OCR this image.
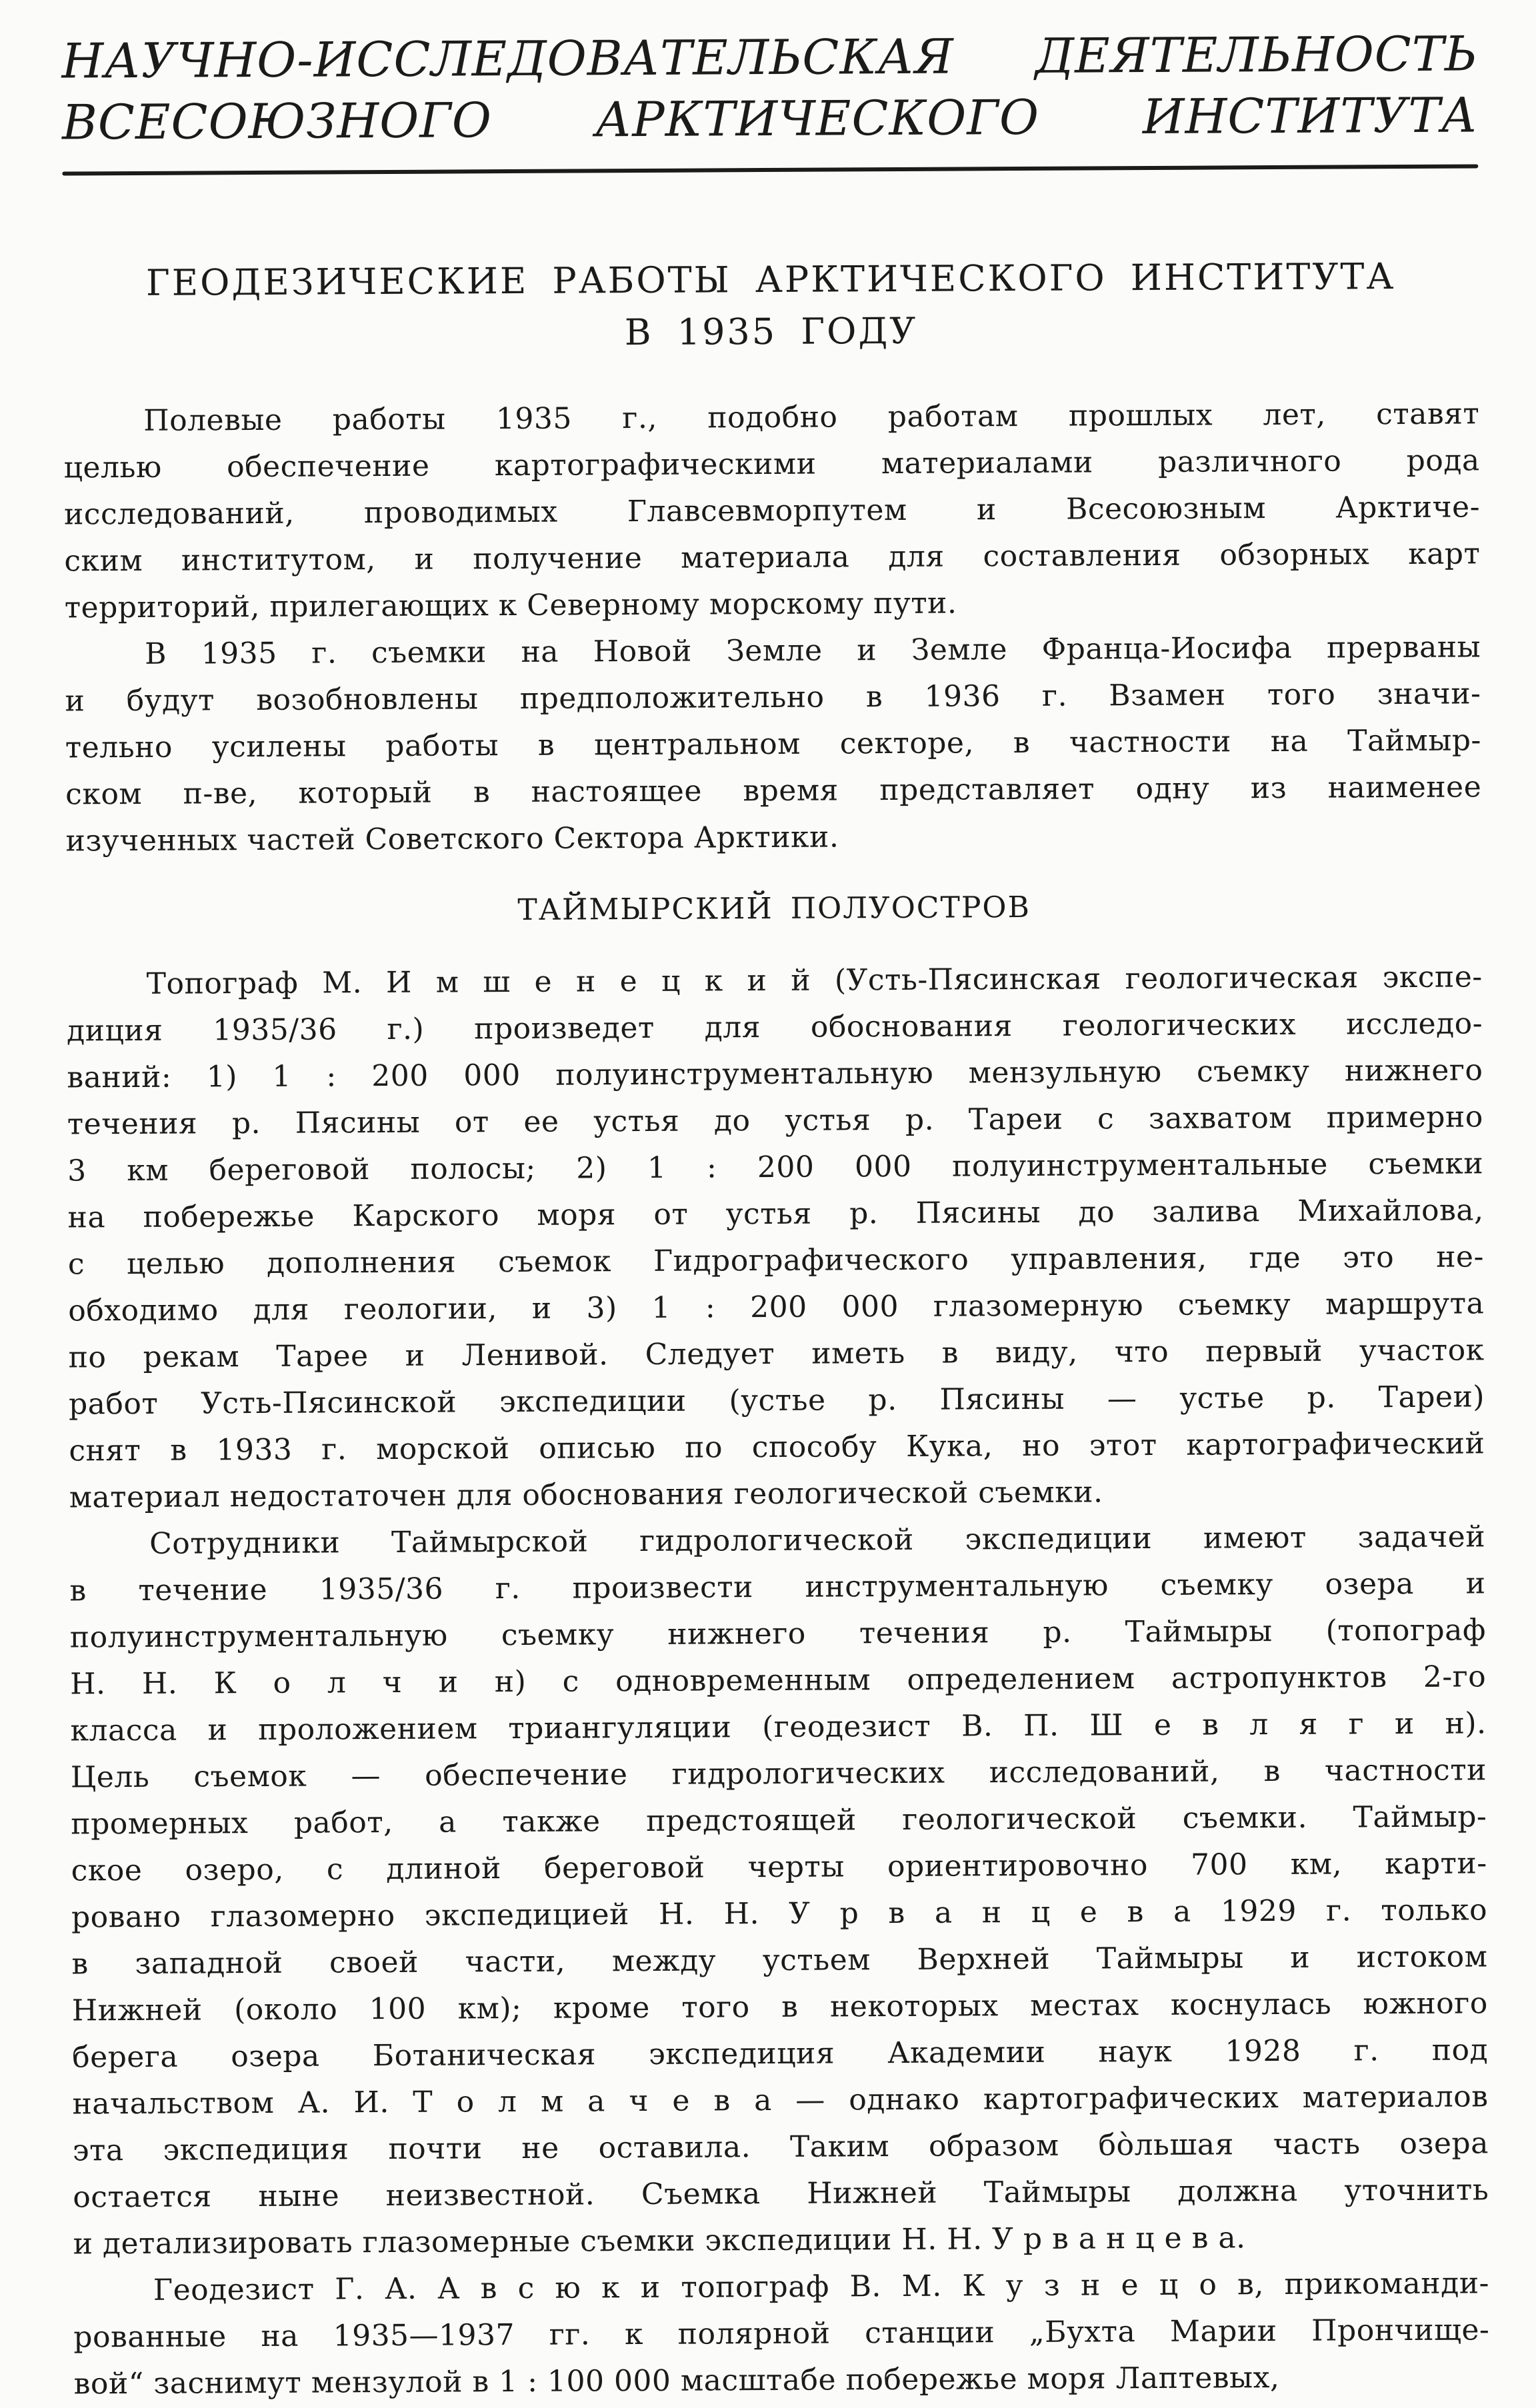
НАУЧНО-ИССЛЕДОВАТЕЛЬСКАЯ ДЕЯТЕЛЬНОСТЬ
ВСЕСОЮЗНОГО АРКТИЧЕСКОГО ИНСТИТУТА
ГЕОДЕЗИЧЕСКИЕ РАБОТЫ АРКТИЧЕСКОГО ИНСТИТУТА
В 1935 ГОДУ

Полевые работы 1935 г., подобно работам прошлых лет, ставят
целью обеспечение картографическими материалами различного рода
исследований, проводимых Главсевморпутем и Всесоюзным Арктиче-
ским институтом, и получение материала для составления обзорных карт
территорий, прилегающих к Северному морскому пути.

В 1935 г. съемки на Новой Земле и Земле Франца-Иосифа прерваны
и будут возобновлены предположительно в 1936 г. Взамен того значи-
тельно усилены работы в центральном секторе, в частности на Таймыр-
ском п-ве, который в настоящее время представляет одну из наименее
изученных частей Советского Сектора Арктики.

ТАЙМЫРСКИЙ ПОЛУОСТРОВ

Топограф М. И м ш е н е ц к и й (Усть-Пясинская геологическая экспе-
диция 1935/36 г.) произведет для обоснования геологических исследо-
ваний: 1) 1 : 200 000 полуинструментальную мензульную съемку нижнего
течения р. Пясины от ее устья до устья р. Тареи с захватом примерно
3 км береговой полосы; 2) 1 : 200 000 полуинструментальные съемки
на побережье Карского моря от устья р. Пясины до залива Михайлова,
с целью дополнения съемок Гидрографического управления, где это не-
обходимо для геологии, и 3) 1 : 200 000 глазомерную съемку маршрута
по рекам Тарее и Ленивой. Следует иметь в виду, что первый участок
работ Усть-Пясинской экспедиции (устье р. Пясины — устье р. Тареи)
снят в 1933 г. морской описью по способу Кука, но этот картографический
материал недостаточен для обоснования геологической съемки.

Сотрудники Таймырской гидрологической экспедиции имеют задачей
в течение 1935/36 г. произвести инструментальную съемку озера и
полуинструментальную съемку нижнего течения р. Таймыры (топограф
Н. Н. К о л ч и н) с одновременным определением астропунктов 2-го
класса и проложением триангуляции (геодезист В. П. Ш е в л я г и н).
Цель съемок — обеспечение гидрологических исследований, в частности
промерных работ, а также предстоящей геологической съемки. Таймыр-
ское озеро, с длиной береговой черты ориентировочно 700 км, карти-
ровано глазомерно экспедицией Н. Н. У р в а н ц е в а 1929 г. только
в западной своей части, между устьем Верхней Таймыры и истоком
Нижней (около 100 км); кроме того в некоторых местах коснулась южного
берега озера Ботаническая экспедиция Академии наук 1928 г. под
начальством А. И. Т о л м а ч е в а — однако картографических материалов
эта экспедиция почти не оставила. Таким образом бо̀льшая часть озера
остается ныне неизвестной. Съемка Нижней Таймыры должна уточнить
и детализировать глазомерные съемки экспедиции Н. Н. У р в а н ц е в а.

Геодезист Г. А. А в с ю к и топограф В. М. К у з н е ц о в, прикоманди-
рованные на 1935—1937 гг. к полярной станции „Бухта Марии Прончище-
вой“ заснимут мензулой в 1 : 100 000 масштабе побережье моря Лаптевых,
